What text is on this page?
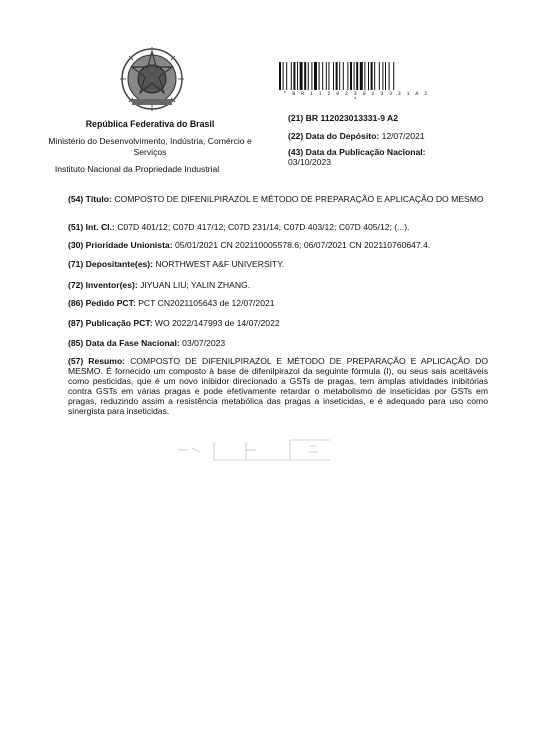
* B R 1 1 2 0 2 3 0 1 3 3 3 1 A 2 *
República Federativa do Brasil
Ministério do Desenvolvimento, Indústria, Comércio e Serviços
Instituto Nacional da Propriedade Industrial
(21) BR 112023013331-9 A2
(22) Data do Depósito: 12/07/2021
(43) Data da Publicação Nacional:
03/10/2023
(54) Título: COMPOSTO DE DIFENILPIRAZOL E MÉTODO DE PREPARAÇÃO E APLICAÇÃO DO MESMO
(51) Int. Cl.: C07D 401/12; C07D 417/12; C07D 231/14; C07D 403/12; C07D 405/12; (...).
(30) Prioridade Unionista: 05/01/2021 CN 202110005578.6; 06/07/2021 CN 202110760647.4.
(71) Depositante(es): NORTHWEST A&F UNIVERSITY.
(72) Inventor(es): JIYUAN LIU; YALIN ZHANG.
(86) Pedido PCT: PCT CN2021105643 de 12/07/2021
(87) Publicação PCT: WO 2022/147993 de 14/07/2022
(85) Data da Fase Nacional: 03/07/2023
(57) Resumo: COMPOSTO DE DIFENILPIRAZOL E MÉTODO DE PREPARAÇÃO E APLICAÇÃO DO MESMO. É fornecido um composto à base de difenilpirazol da seguinte fórmula (I), ou seus sais aceitáveis como pesticidas, que é um novo inibidor direcionado a GSTs de pragas, tem amplas atividades inibitórias contra GSTs em várias pragas e pode efetivamente retardar o metabolismo de inseticidas por GSTs em pragas, reduzindo assim a resistência metabólica das pragas a inseticidas, e é adequado para uso como sinergista para inseticidas.
